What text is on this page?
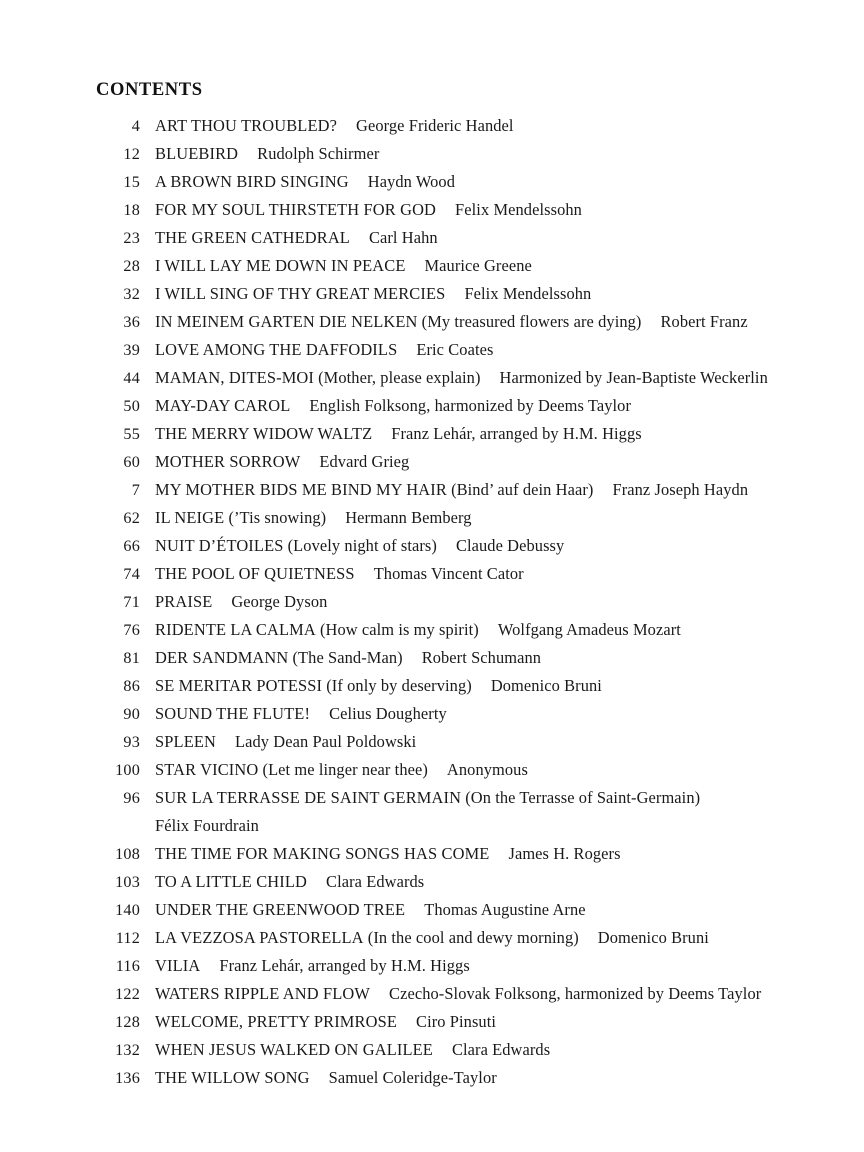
CONTENTS
4 ART THOU TROUBLED? George Frideric Handel
12 BLUEBIRD Rudolph Schirmer
15 A BROWN BIRD SINGING Haydn Wood
18 FOR MY SOUL THIRSTETH FOR GOD Felix Mendelssohn
23 THE GREEN CATHEDRAL Carl Hahn
28 I WILL LAY ME DOWN IN PEACE Maurice Greene
32 I WILL SING OF THY GREAT MERCIES Felix Mendelssohn
36 IN MEINEM GARTEN DIE NELKEN (My treasured flowers are dying) Robert Franz
39 LOVE AMONG THE DAFFODILS Eric Coates
44 MAMAN, DITES-MOI (Mother, please explain) Harmonized by Jean-Baptiste Weckerlin
50 MAY-DAY CAROL English Folksong, harmonized by Deems Taylor
55 THE MERRY WIDOW WALTZ Franz Lehár, arranged by H.M. Higgs
60 MOTHER SORROW Edvard Grieg
7 MY MOTHER BIDS ME BIND MY HAIR (Bind’ auf dein Haar) Franz Joseph Haydn
62 IL NEIGE (’Tis snowing) Hermann Bemberg
66 NUIT D’ÉTOILES (Lovely night of stars) Claude Debussy
74 THE POOL OF QUIETNESS Thomas Vincent Cator
71 PRAISE George Dyson
76 RIDENTE LA CALMA (How calm is my spirit) Wolfgang Amadeus Mozart
81 DER SANDMANN (The Sand-Man) Robert Schumann
86 SE MERITAR POTESSI (If only by deserving) Domenico Bruni
90 SOUND THE FLUTE! Celius Dougherty
93 SPLEEN Lady Dean Paul Poldowski
100 STAR VICINO (Let me linger near thee) Anonymous
96 SUR LA TERRASSE DE SAINT GERMAIN (On the Terrasse of Saint-Germain)
Félix Fourdrain
108 THE TIME FOR MAKING SONGS HAS COME James H. Rogers
103 TO A LITTLE CHILD Clara Edwards
140 UNDER THE GREENWOOD TREE Thomas Augustine Arne
112 LA VEZZOSA PASTORELLA (In the cool and dewy morning) Domenico Bruni
116 VILIA Franz Lehár, arranged by H.M. Higgs
122 WATERS RIPPLE AND FLOW Czecho-Slovak Folksong, harmonized by Deems Taylor
128 WELCOME, PRETTY PRIMROSE Ciro Pinsuti
132 WHEN JESUS WALKED ON GALILEE Clara Edwards
136 THE WILLOW SONG Samuel Coleridge-Taylor
